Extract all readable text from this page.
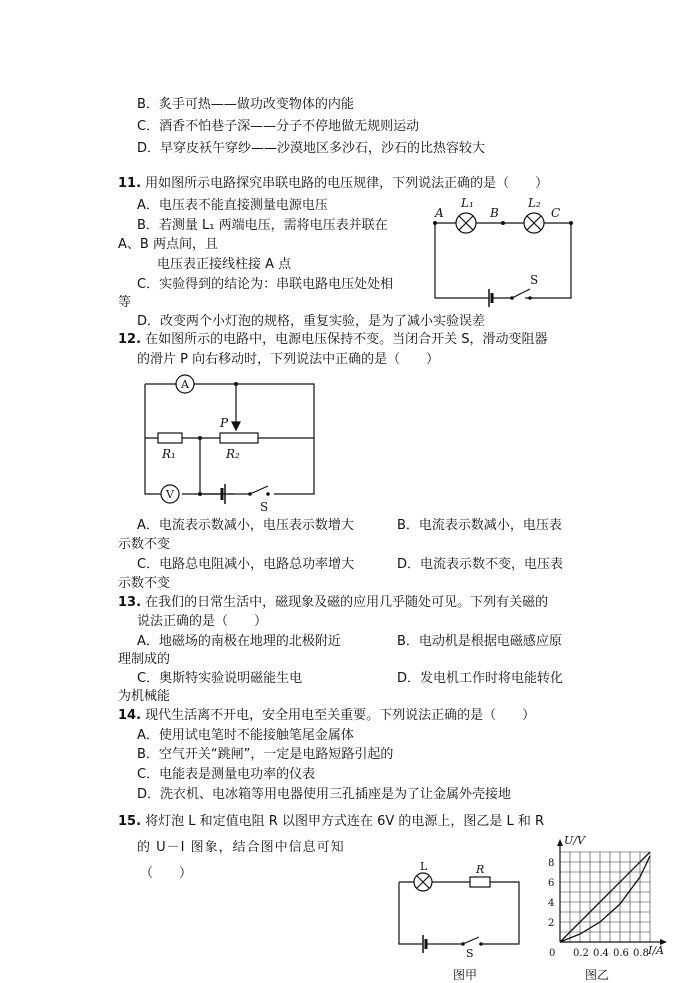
B．炙手可热——做功改变物体的内能
C．酒香不怕巷子深——分子不停地做无规则运动
D．早穿皮袄午穿纱——沙漠地区多沙石，沙石的比热容较大
11. 用如图所示电路探究串联电路的电压规律，下列说法正确的是（　　）
A．电压表不能直接测量电源电压
B．若测量 L₁ 两端电压，需将电压表并联在
A、B 两点间，且
电压表正接线柱接 A 点
C．实验得到的结论为：串联电路电压处处相
等
D．改变两个小灯泡的规格，重复实验，是为了减小实验误差
A
L₁
B
L₂
C
S
12. 在如图所示的电路中，电源电压保持不变。当闭合开关 S，滑动变阻器
的滑片 P 向右移动时，下列说法中正确的是（　　）
A
V
P
R₁	R₂
S
A．电流表示数减小，电压表示数增大	B．电流表示数减小，电压表
示数不变
C．电路总电阻减小，电路总功率增大	D．电流表示数不变，电压表
示数不变
13. 在我们的日常生活中，磁现象及磁的应用几乎随处可见。下列有关磁的
说法正确的是（　　）
A．地磁场的南极在地理的北极附近	B．电动机是根据电磁感应原
理制成的
C．奥斯特实验说明磁能生电	D．发电机工作时将电能转化
为机械能
14. 现代生活离不开电，安全用电至关重要。下列说法正确的是（　　）
A．使用试电笔时不能接触笔尾金属体
B．空气开关“跳闸”，一定是电路短路引起的
C．电能表是测量电功率的仪表
D．洗衣机、电冰箱等用电器使用三孔插座是为了让金属外壳接地
15. 将灯泡 L 和定值电阻 R 以图甲方式连在 6V 的电源上，图乙是 L 和 R
的 U－I 图象，结合图中信息可知
（　　）	L	R
S
图甲
U/V
I/A
0
2
4
6
8
0.2 0.4 0.6 0.8
图乙
